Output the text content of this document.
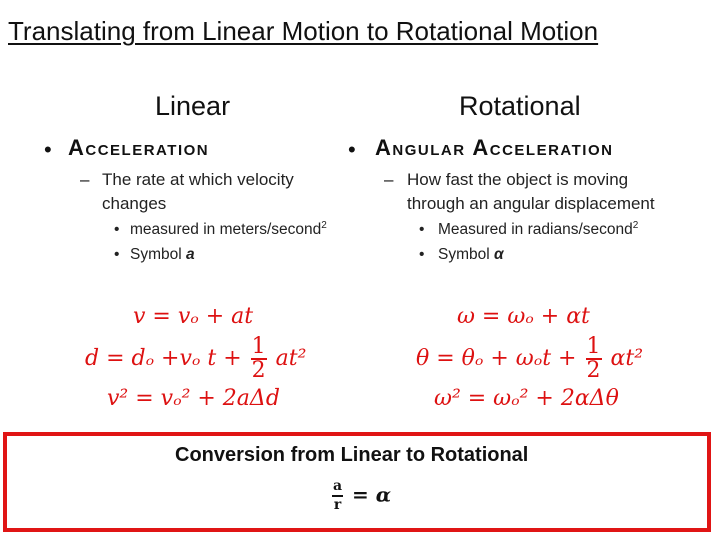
Translating from Linear Motion to Rotational Motion
Linear	Rotational
• Acceleration
– The rate at which velocity
changes
• measured in meters/second$^2$
• Symbol a
• Angular Acceleration
– How fast the object is moving
through an angular displacement
• Measured in radians/second$^2$
• Symbol α
v = vₒ + at
d = dₒ +vₒ $t + \frac{1}{2} at^2$
v² = vₒ² + 2aΔd
ω = ωₒ + αt
$\theta = \theta_o + \omega_ot + \frac{1}{2} \alpha t^2$
ω² = ωₒ² + 2αΔθ
Conversion from Linear to Rotational
$\frac{a}{r} = \alpha$
